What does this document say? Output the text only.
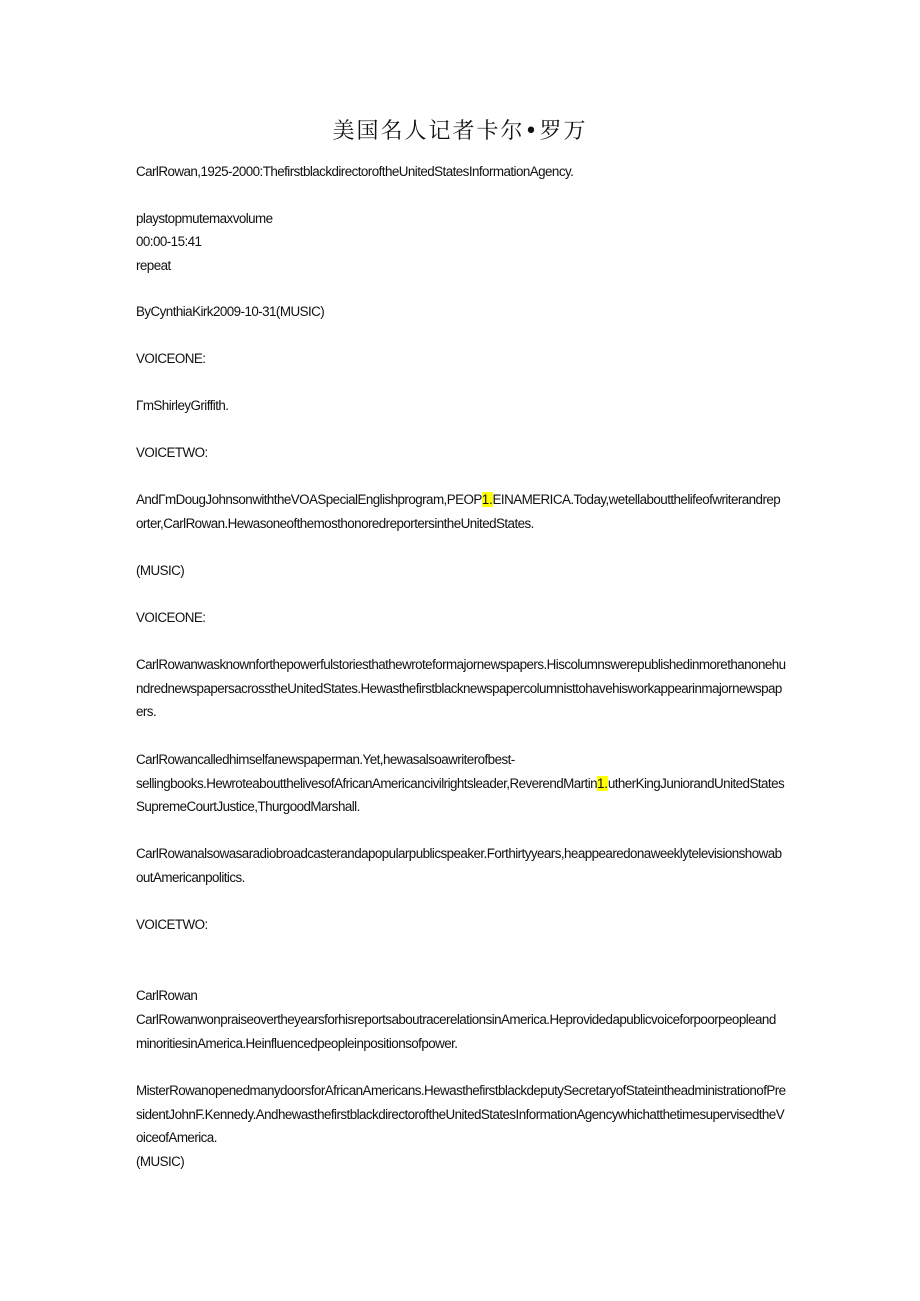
美国名人记者卡尔•罗万
CarlRowan,1925-2000:ThefirstblackdirectoroftheUnitedStatesInformationAgency.
playstopmutemaxvolume
00:00-15:41
repeat
ByCynthiaKirk2009-10-31(MUSIC)
VOICEONE:
ΓmShirleyGriffith.
VOICETWO:
AndΓmDougJohnsonwiththeVOASpecialEnglishprogram,PEOP1.EINAMERICA.Today,wetellaboutthelifeofwriterandreporter,CarlRowan.HewasoneofthemosthonoredreportersintheUnitedStates.
(MUSIC)
VOICEONE:
CarlRowanwasknownforthepowerfulstoriesthathewroteformajornewspapers.HiscolumnswerepublishedinmorethanonehundrednewspapersacrosstheUnitedStates.Hewasthefirstblacknewspapercolumnisttohavehisworkappearinmajornewspapers.
CarlRowancalledhimselfanewspaperman.Yet,hewasalsoawriterofbest-
sellingbooks.HewroteaboutthelivesofAfricanAmericancivilrightsleader,ReverendMartin1.utherKingJuniorandUnitedStatesSupremeCourtJustice,ThurgoodMarshall.
CarlRowanalsowasaradiobroadcasterandapopularpublicspeaker.Forthirtyyears,heappearedonaweeklytelevisionshowaboutAmericanpolitics.
VOICETWO:
CarlRowan
CarlRowanwonpraiseovertheyearsforhisreportsaboutracerelationsinAmerica.HeprovidedapublicvoiceforpoorpeopleandminoritiesinAmerica.Heinfluencedpeopleinpositionsofpower.
MisterRowanopenedmanydoorsforAfricanAmericans.HewasthefirstblackdeputySecretaryofStateintheadministrationofPresidentJohnF.Kennedy.AndhewasthefirstblackdirectoroftheUnitedStatesInformationAgencywhichatthetimesupervisedtheVoiceofAmerica.
(MUSIC)
